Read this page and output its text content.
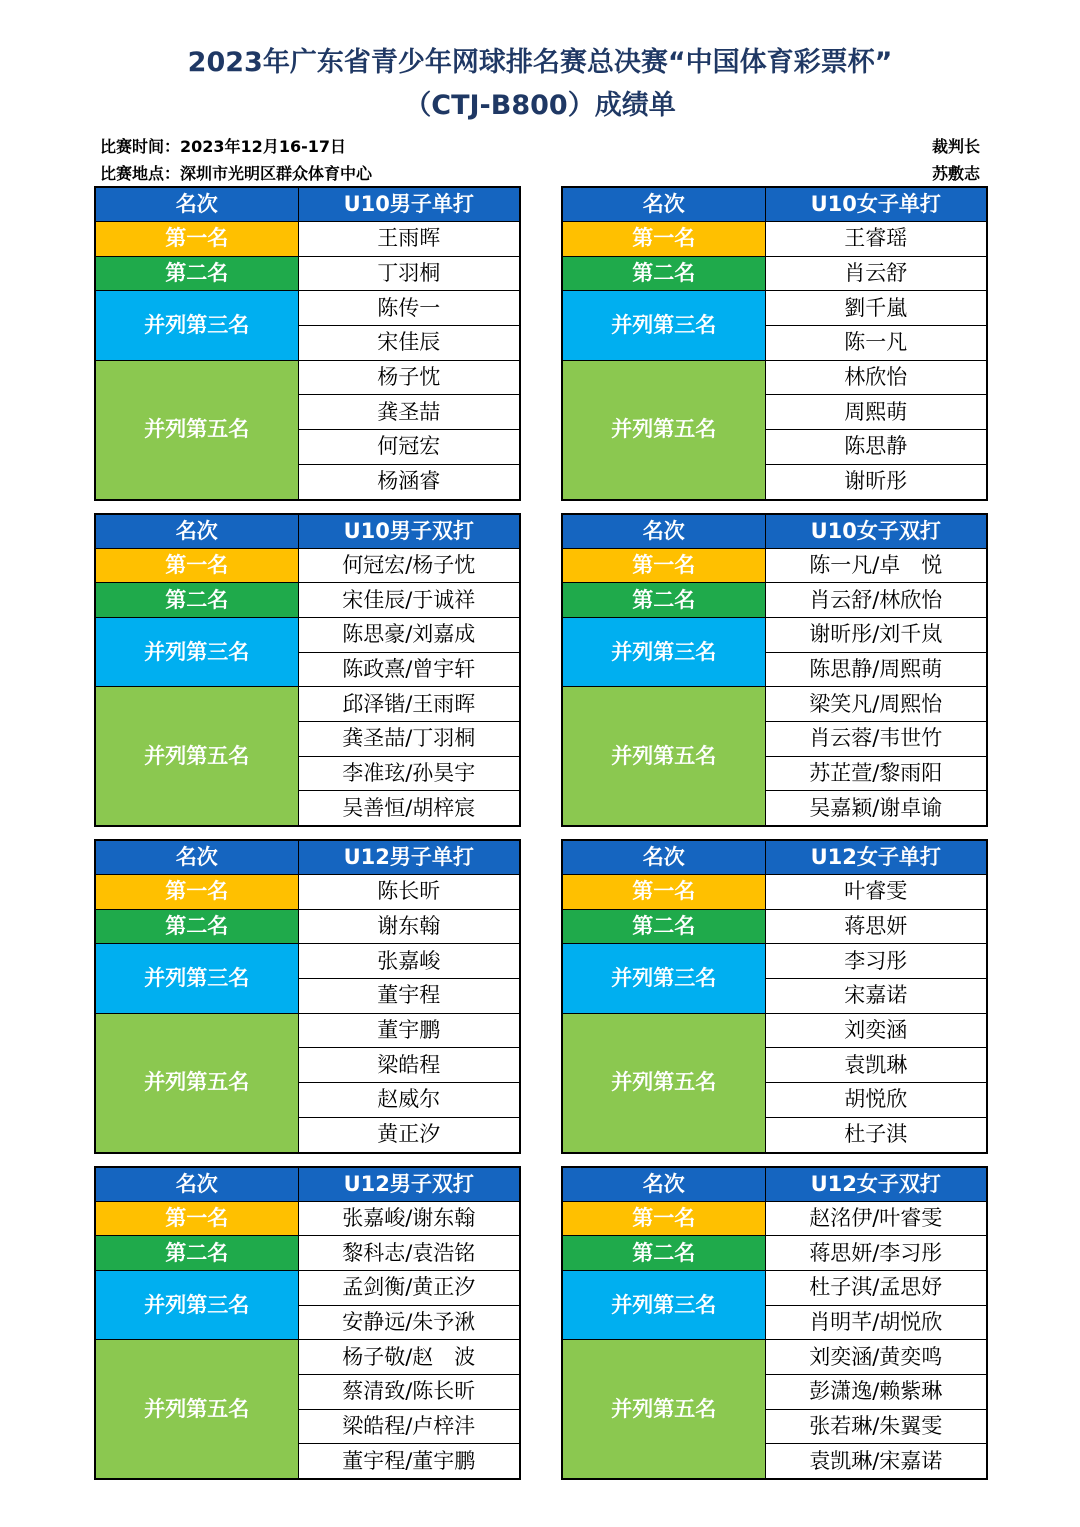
2023年广东省青少年网球排名赛总决赛“中国体育彩票杯”
（CTJ-B800）成绩单
比赛时间：2023年12月16-17日
比赛地点：深圳市光明区群众体育中心
裁判长
苏敷志
名次	U10男子单打
第一名	王雨晖
第二名	丁羽桐
并列第三名	陈传一
	宋佳辰
并列第五名	杨子忱
	龚圣喆
	何冠宏
	杨涵睿
名次	U10女子单打
第一名	王睿瑶
第二名	肖云舒
并列第三名	劉千嵐
	陈一凡
并列第五名	林欣怡
	周熙萌
	陈思静
	谢昕彤
名次	U10男子双打
第一名	何冠宏/杨子忱
第二名	宋佳辰/于诚祥
并列第三名	陈思豪/刘嘉成
	陈政熹/曾宇轩
并列第五名	邱泽锴/王雨晖
	龚圣喆/丁羽桐
	李准玹/孙昊宇
	吴善恒/胡梓宸
名次	U10女子双打
第一名	陈一凡/卓　悦
第二名	肖云舒/林欣怡
并列第三名	谢昕彤/刘千岚
	陈思静/周熙萌
并列第五名	梁笑凡/周熙怡
	肖云蓉/韦世竹
	苏芷萱/黎雨阳
	吴嘉颖/谢卓谕
名次	U12男子单打
第一名	陈长昕
第二名	谢东翰
并列第三名	张嘉峻
	董宇程
并列第五名	董宇鹏
	梁皓程
	赵威尔
	黄正汐
名次	U12女子单打
第一名	叶睿雯
第二名	蒋思妍
并列第三名	李习彤
	宋嘉诺
并列第五名	刘奕涵
	袁凯琳
	胡悦欣
	杜子淇
名次	U12男子双打
第一名	张嘉峻/谢东翰
第二名	黎科志/袁浩铭
并列第三名	孟剑衡/黄正汐
	安静远/朱予湫
并列第五名	杨子敬/赵　波
	蔡清致/陈长昕
	梁皓程/卢梓沣
	董宇程/董宇鹏
名次	U12女子双打
第一名	赵洺伊/叶睿雯
第二名	蒋思妍/李习彤
并列第三名	杜子淇/孟思妤
	肖明芊/胡悦欣
并列第五名	刘奕涵/黄奕鸣
	彭潇逸/赖紫琳
	张若琳/朱翼雯
	袁凯琳/宋嘉诺
